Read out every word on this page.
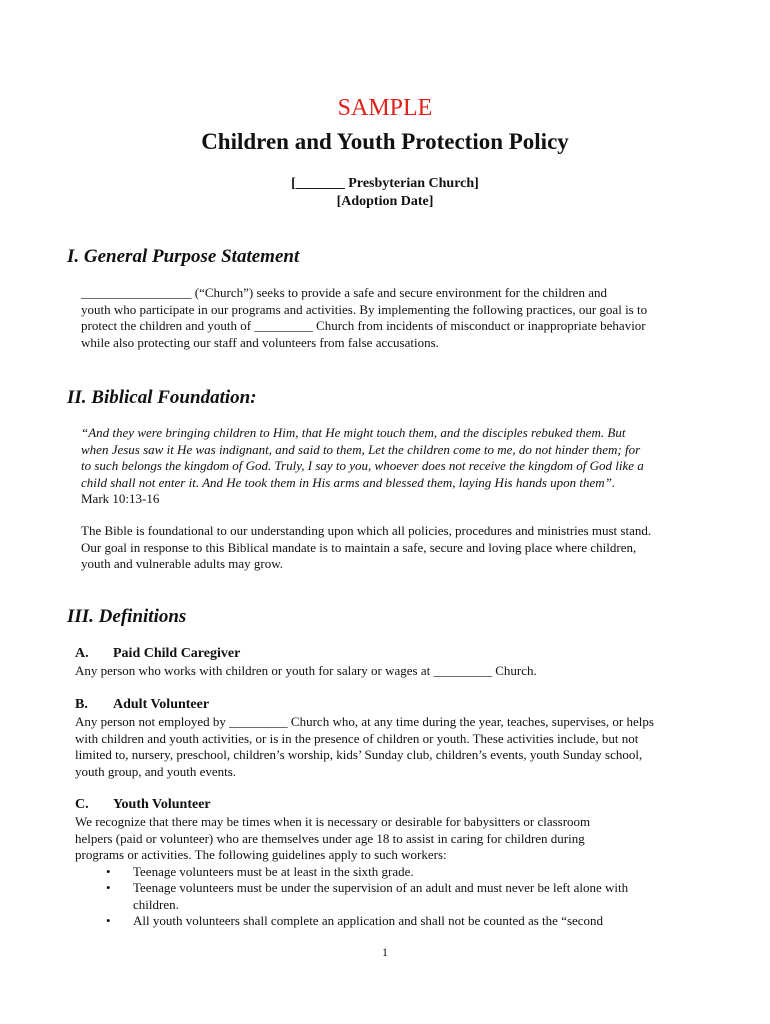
SAMPLE
Children and Youth Protection Policy
[_______ Presbyterian Church]
[Adoption Date]
I. General Purpose Statement
_________________ (“Church”) seeks to provide a safe and secure environment for the children and
youth who participate in our programs and activities. By implementing the following practices, our goal is to
protect the children and youth of _________ Church from incidents of misconduct or inappropriate behavior
while also protecting our staff and volunteers from false accusations.
II. Biblical Foundation:
“And they were bringing children to Him, that He might touch them, and the disciples rebuked them. But
when Jesus saw it He was indignant, and said to them, Let the children come to me, do not hinder them; for
to such belongs the kingdom of God. Truly, I say to you, whoever does not receive the kingdom of God like a
child shall not enter it. And He took them in His arms and blessed them, laying His hands upon them”.
Mark 10:13-16
The Bible is foundational to our understanding upon which all policies, procedures and ministries must stand.
Our goal in response to this Biblical mandate is to maintain a safe, secure and loving place where children,
youth and vulnerable adults may grow.
III. Definitions
A. Paid Child Caregiver
Any person who works with children or youth for salary or wages at _________ Church.
B. Adult Volunteer
Any person not employed by _________ Church who, at any time during the year, teaches, supervises, or helps
with children and youth activities, or is in the presence of children or youth. These activities include, but not
limited to, nursery, preschool, children’s worship, kids’ Sunday club, children’s events, youth Sunday school,
youth group, and youth events.
C. Youth Volunteer
We recognize that there may be times when it is necessary or desirable for babysitters or classroom
helpers (paid or volunteer) who are themselves under age 18 to assist in caring for children during
programs or activities. The following guidelines apply to such workers:
•	Teenage volunteers must be at least in the sixth grade.
•	Teenage volunteers must be under the supervision of an adult and must never be left alone with
children.
•	All youth volunteers shall complete an application and shall not be counted as the “second
1
